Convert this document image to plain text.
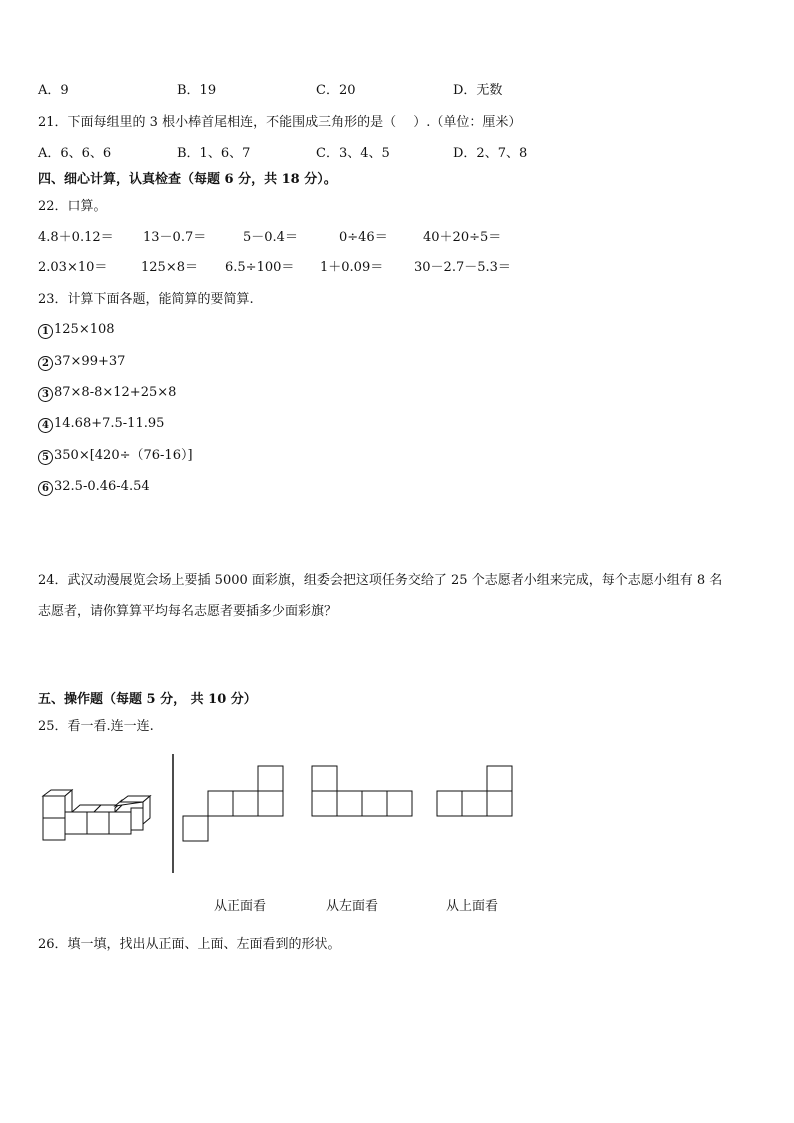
A．9	B．19	C．20	D．无数
21．下面每组里的 3 根小棒首尾相连，不能围成三角形的是（　 ）.（单位：厘米）
A．6、6、6	B．1、6、7	C．3、4、5	D．2、7、8
四、细心计算，认真检查（每题 6 分，共 18 分）。
22．口算。
4.8＋0.12＝ 13－0.7＝	5－0.4＝	0÷46＝	40＋20÷5＝
2.03×10＝	125×8＝ 6.5÷100＝ 1＋0.09＝ 30－2.7－5.3＝
23．计算下面各题，能简算的要简算.
1 125×108
2 37×99+37
3 87×8-8×12+25×8
4 14.68+7.5-11.95
5 350×[420÷（76-16）]
6 32.5-0.46-4.54
24．武汉动漫展览会场上要插 5000 面彩旗，组委会把这项任务交给了 25 个志愿者小组来完成，每个志愿小组有 8 名
志愿者，请你算算平均每名志愿者要插多少面彩旗？
五、操作题（每题 5 分， 共 10 分）
25．看一看.连一连.
从正面看	从左面看	从上面看
26．填一填，找出从正面、上面、左面看到的形状。
